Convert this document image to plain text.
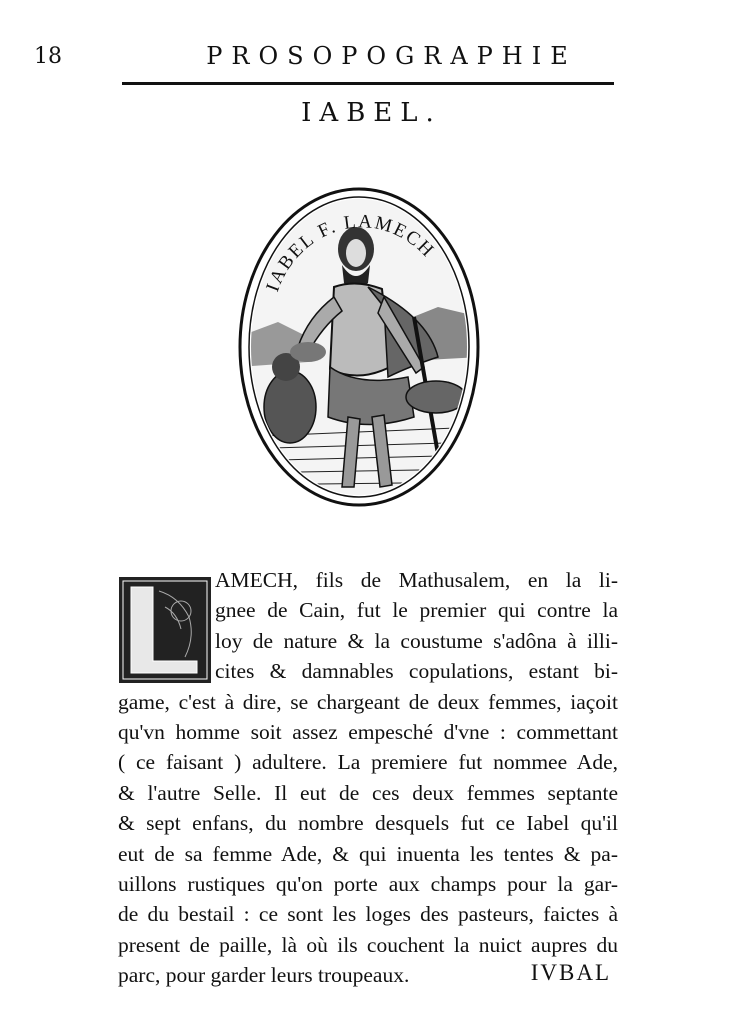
18	PROSOPOGRAPHIE
IABEL.
IABEL F. LAMECH
AMECH, fils de Mathusalem, en la li-
gnee de Cain, fut le premier qui contre la
loy de nature & la coustume s'adôna à illi-
cites & damnables copulations, estant bi-
game, c'est à dire, se chargeant de deux femmes, iaçoit
qu'vn homme soit assez empesché d'vne : commettant
( ce faisant ) adultere. La premiere fut nommee Ade,
& l'autre Selle. Il eut de ces deux femmes septante
& sept enfans, du nombre desquels fut ce Iabel qu'il
eut de sa femme Ade, & qui inuenta les tentes & pa-
uillons rustiques qu'on porte aux champs pour la gar-
de du bestail : ce sont les loges des pasteurs, faictes à
present de paille, là où ils couchent la nuict aupres du
parc, pour garder leurs troupeaux.	IVBAL
